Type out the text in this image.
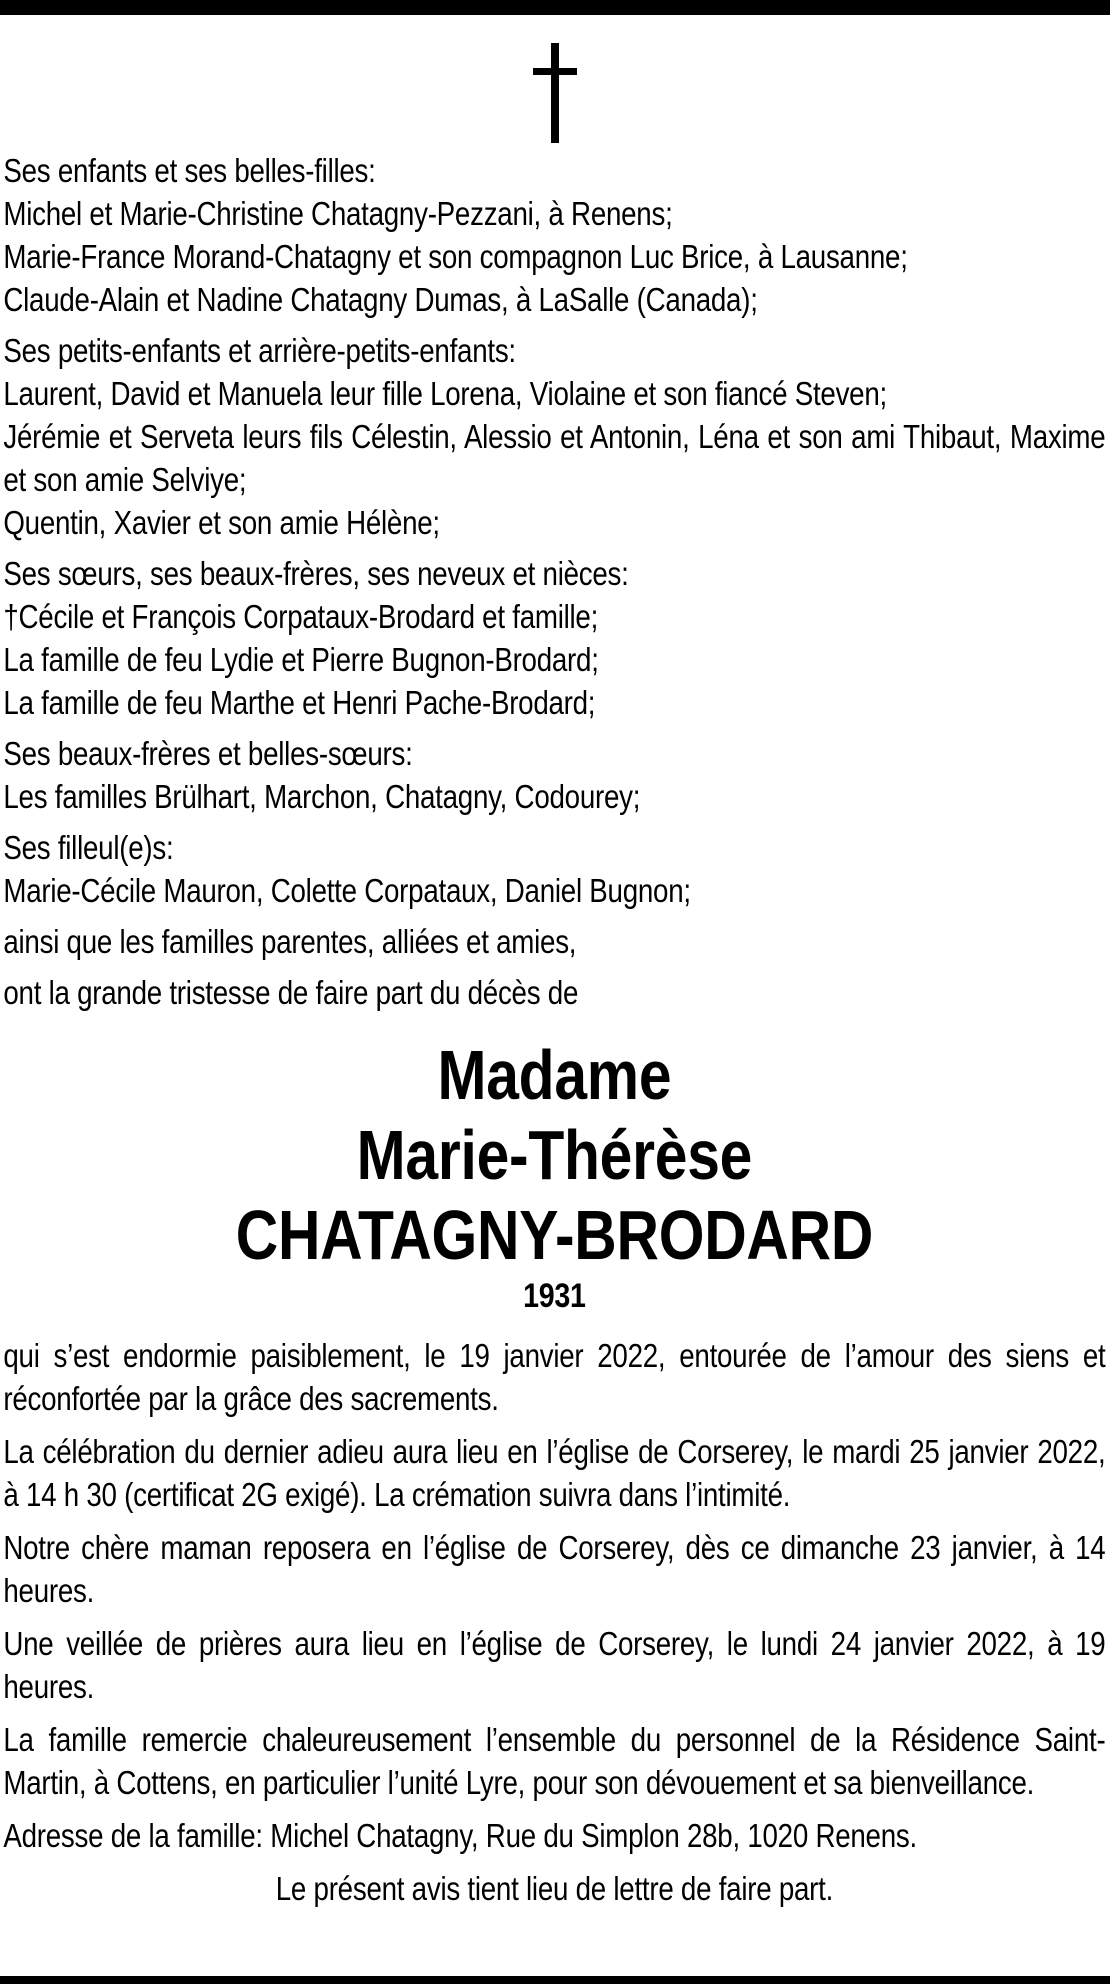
Ses enfants et ses belles-filles:
Michel et Marie-Christine Chatagny-Pezzani, à Renens;
Marie-France Morand-Chatagny et son compagnon Luc Brice, à Lausanne;
Claude-Alain et Nadine Chatagny Dumas, à LaSalle (Canada);
Ses petits-enfants et arrière-petits-enfants:
Laurent, David et Manuela leur fille Lorena, Violaine et son fiancé Steven;
Jérémie et Serveta leurs fils Célestin, Alessio et Antonin, Léna et son ami Thibaut, Maxime et son amie Selviye;
Quentin, Xavier et son amie Hélène;
Ses sœurs, ses beaux-frères, ses neveux et nièces:
†Cécile et François Corpataux-Brodard et famille;
La famille de feu Lydie et Pierre Bugnon-Brodard;
La famille de feu Marthe et Henri Pache-Brodard;
Ses beaux-frères et belles-sœurs:
Les familles Brülhart, Marchon, Chatagny, Codourey;
Ses filleul(e)s:
Marie-Cécile Mauron, Colette Corpataux, Daniel Bugnon;
ainsi que les familles parentes, alliées et amies,
ont la grande tristesse de faire part du décès de
Madame
Marie-Thérèse
CHATAGNY-BRODARD
1931
qui s’est endormie paisiblement, le 19 janvier 2022, entourée de l’amour des siens et réconfortée par la grâce des sacrements.
La célébration du dernier adieu aura lieu en l’église de Corserey, le mardi 25 janvier 2022, à 14 h 30 (certificat 2G exigé). La crémation suivra dans l’intimité.
Notre chère maman reposera en l’église de Corserey, dès ce dimanche 23 janvier, à 14 heures.
Une veillée de prières aura lieu en l’église de Corserey, le lundi 24 janvier 2022, à 19 heures.
La famille remercie chaleureusement l’ensemble du personnel de la Résidence Saint-Martin, à Cottens, en particulier l’unité Lyre, pour son dévouement et sa bienveillance.
Adresse de la famille: Michel Chatagny, Rue du Simplon 28b, 1020 Renens.
Le présent avis tient lieu de lettre de faire part.
